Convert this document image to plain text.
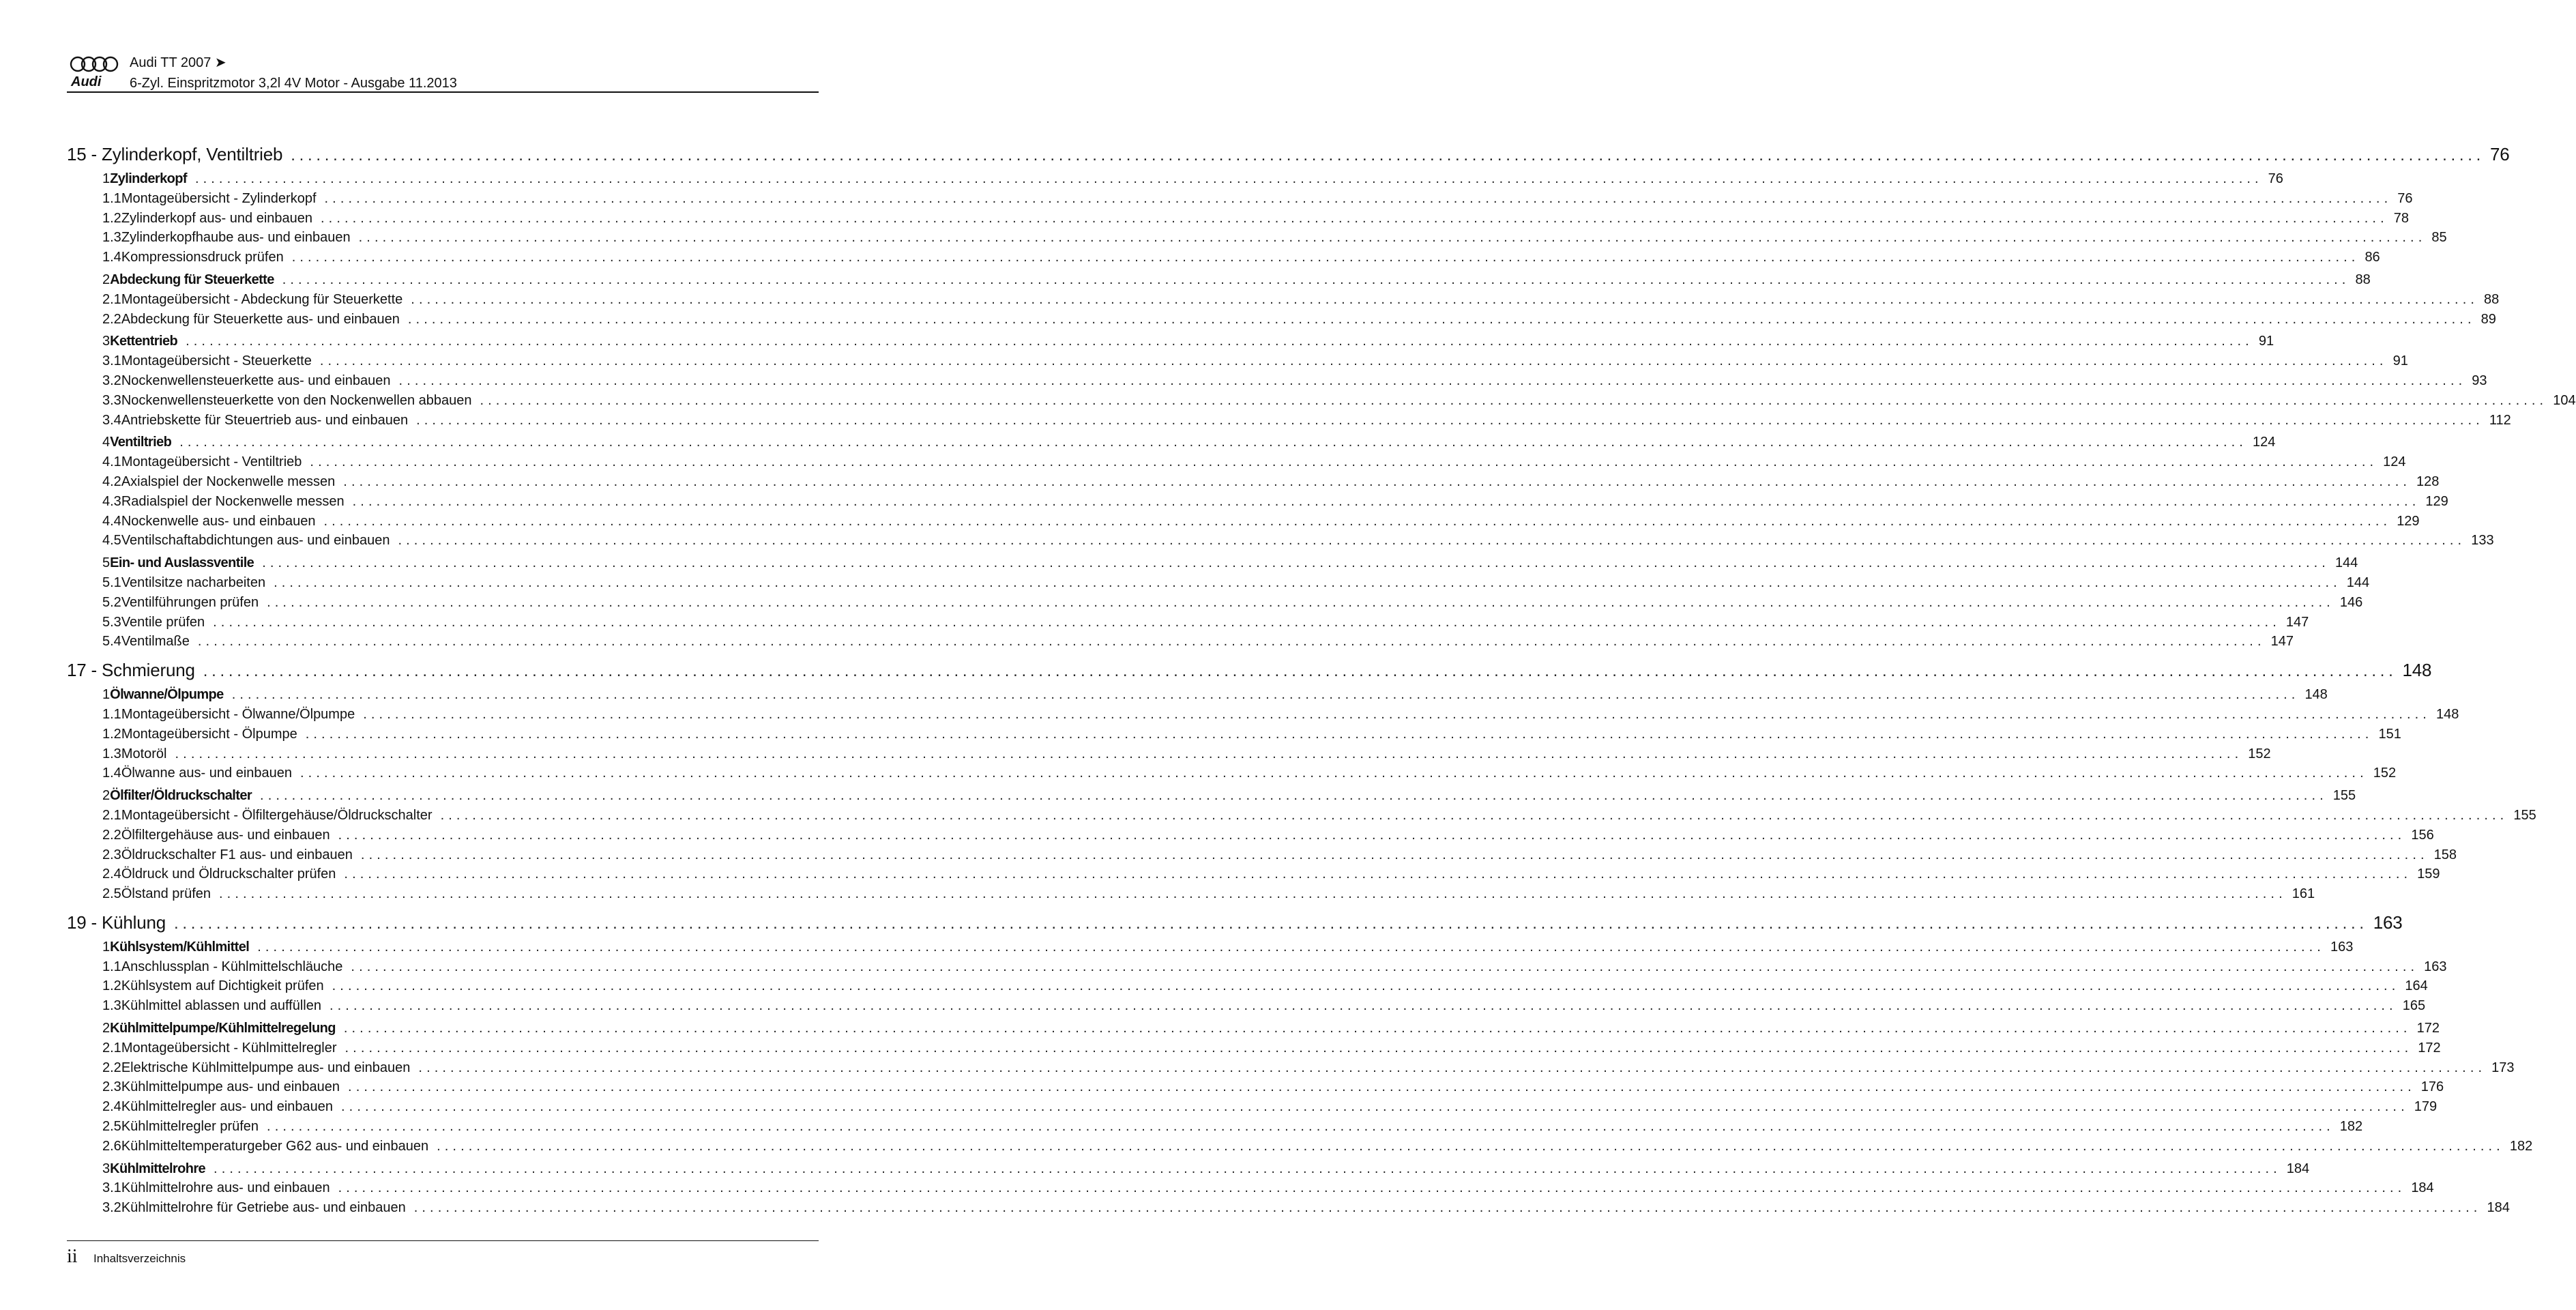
Audi
Audi TT 2007 ➤
6-Zyl. Einspritzmotor 3,2l 4V Motor - Ausgabe 11.2013
15 - Zylinderkopf, Ventiltrieb .................................................................................................................................................................................................................................................................... 76
1 Zylinderkopf .................................................................................................................................................................................................................................................................... 76
1.1 Montageübersicht - Zylinderkopf .................................................................................................................................................................................................................................................................... 76
1.2 Zylinderkopf aus- und einbauen .................................................................................................................................................................................................................................................................... 78
1.3 Zylinderkopfhaube aus- und einbauen .................................................................................................................................................................................................................................................................... 85
1.4 Kompressionsdruck prüfen .................................................................................................................................................................................................................................................................... 86
2 Abdeckung für Steuerkette .................................................................................................................................................................................................................................................................... 88
2.1 Montageübersicht - Abdeckung für Steuerkette .................................................................................................................................................................................................................................................................... 88
2.2 Abdeckung für Steuerkette aus- und einbauen .................................................................................................................................................................................................................................................................... 89
3 Kettentrieb .................................................................................................................................................................................................................................................................... 91
3.1 Montageübersicht - Steuerkette .................................................................................................................................................................................................................................................................... 91
3.2 Nockenwellensteuerkette aus- und einbauen .................................................................................................................................................................................................................................................................... 93
3.3 Nockenwellensteuerkette von den Nockenwellen abbauen .................................................................................................................................................................................................................................................................... 104
3.4 Antriebskette für Steuertrieb aus- und einbauen .................................................................................................................................................................................................................................................................... 112
4 Ventiltrieb .................................................................................................................................................................................................................................................................... 124
4.1 Montageübersicht - Ventiltrieb .................................................................................................................................................................................................................................................................... 124
4.2 Axialspiel der Nockenwelle messen .................................................................................................................................................................................................................................................................... 128
4.3 Radialspiel der Nockenwelle messen .................................................................................................................................................................................................................................................................... 129
4.4 Nockenwelle aus- und einbauen .................................................................................................................................................................................................................................................................... 129
4.5 Ventilschaftabdichtungen aus- und einbauen .................................................................................................................................................................................................................................................................... 133
5 Ein- und Auslassventile .................................................................................................................................................................................................................................................................... 144
5.1 Ventilsitze nacharbeiten .................................................................................................................................................................................................................................................................... 144
5.2 Ventilführungen prüfen .................................................................................................................................................................................................................................................................... 146
5.3 Ventile prüfen .................................................................................................................................................................................................................................................................... 147
5.4 Ventilmaße .................................................................................................................................................................................................................................................................... 147
17 - Schmierung .................................................................................................................................................................................................................................................................... 148
1 Ölwanne/Ölpumpe .................................................................................................................................................................................................................................................................... 148
1.1 Montageübersicht - Ölwanne/Ölpumpe .................................................................................................................................................................................................................................................................... 148
1.2 Montageübersicht - Ölpumpe .................................................................................................................................................................................................................................................................... 151
1.3 Motoröl .................................................................................................................................................................................................................................................................... 152
1.4 Ölwanne aus- und einbauen .................................................................................................................................................................................................................................................................... 152
2 Ölfilter/Öldruckschalter .................................................................................................................................................................................................................................................................... 155
2.1 Montageübersicht - Ölfiltergehäuse/Öldruckschalter .................................................................................................................................................................................................................................................................... 155
2.2 Ölfiltergehäuse aus- und einbauen .................................................................................................................................................................................................................................................................... 156
2.3 Öldruckschalter F1 aus- und einbauen .................................................................................................................................................................................................................................................................... 158
2.4 Öldruck und Öldruckschalter prüfen .................................................................................................................................................................................................................................................................... 159
2.5 Ölstand prüfen .................................................................................................................................................................................................................................................................... 161
19 - Kühlung .................................................................................................................................................................................................................................................................... 163
1 Kühlsystem/Kühlmittel .................................................................................................................................................................................................................................................................... 163
1.1 Anschlussplan - Kühlmittelschläuche .................................................................................................................................................................................................................................................................... 163
1.2 Kühlsystem auf Dichtigkeit prüfen .................................................................................................................................................................................................................................................................... 164
1.3 Kühlmittel ablassen und auffüllen .................................................................................................................................................................................................................................................................... 165
2 Kühlmittelpumpe/Kühlmittelregelung .................................................................................................................................................................................................................................................................... 172
2.1 Montageübersicht - Kühlmittelregler .................................................................................................................................................................................................................................................................... 172
2.2 Elektrische Kühlmittelpumpe aus- und einbauen .................................................................................................................................................................................................................................................................... 173
2.3 Kühlmittelpumpe aus- und einbauen .................................................................................................................................................................................................................................................................... 176
2.4 Kühlmittelregler aus- und einbauen .................................................................................................................................................................................................................................................................... 179
2.5 Kühlmittelregler prüfen .................................................................................................................................................................................................................................................................... 182
2.6 Kühlmitteltemperaturgeber G62 aus- und einbauen .................................................................................................................................................................................................................................................................... 182
3 Kühlmittelrohre .................................................................................................................................................................................................................................................................... 184
3.1 Kühlmittelrohre aus- und einbauen .................................................................................................................................................................................................................................................................... 184
3.2 Kühlmittelrohre für Getriebe aus- und einbauen .................................................................................................................................................................................................................................................................... 184
ii Inhaltsverzeichnis
